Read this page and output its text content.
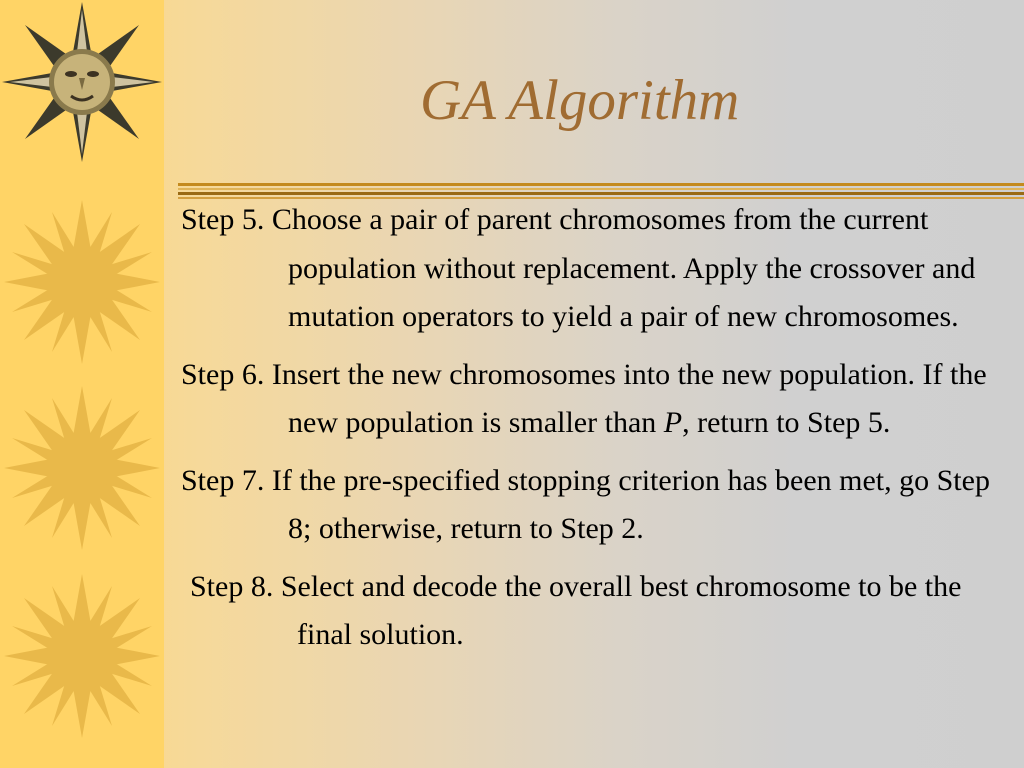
GA Algorithm
Step 5. Choose a pair of parent chromosomes from the current population without replacement. Apply the crossover and mutation operators to yield a pair of new chromosomes.
Step 6. Insert the new chromosomes into the new population. If the new population is smaller than P, return to Step 5.
Step 7. If the pre-specified stopping criterion has been met, go Step 8; otherwise, return to Step 2.
Step 8. Select and decode the overall best chromosome to be the final solution.
